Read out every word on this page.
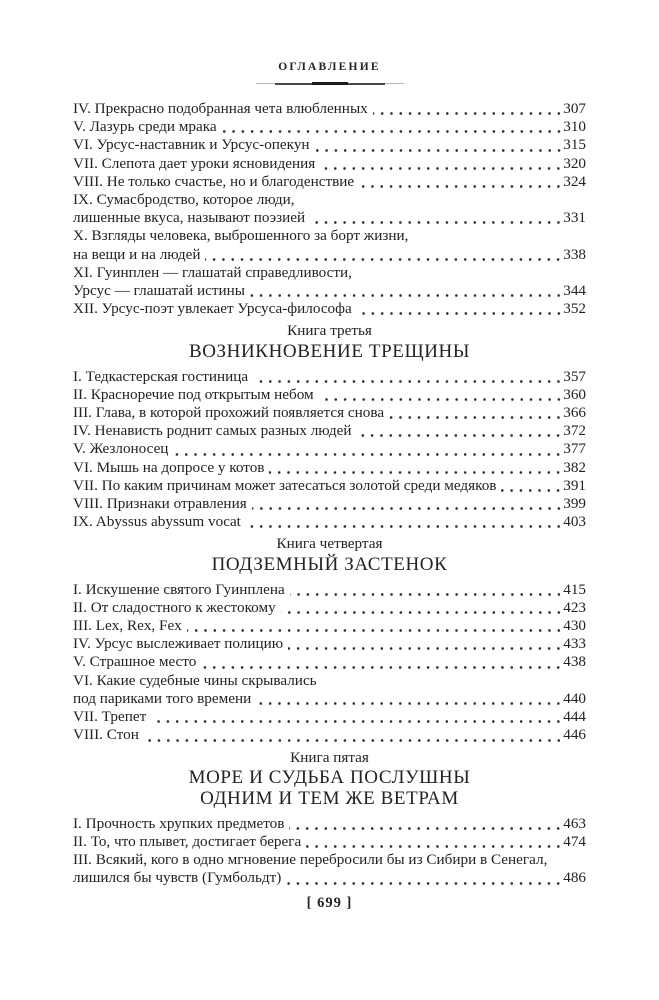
ОГЛАВЛЕНИЕ
IV. Прекрасно подобранная чета влюбленных	307
V. Лазурь среди мрака	310
VI. Урсус-наставник и Урсус-опекун	315
VII. Слепота дает уроки ясновидения	320
VIII. Не только счастье, но и благоденствие	324
IX. Сумасбродство, которое люди,
лишенные вкуса, называют поэзией	331
X. Взгляды человека, выброшенного за борт жизни,
на вещи и на людей	338
XI. Гуинплен — глашатай справедливости,
Урсус — глашатай истины	344
XII. Урсус-поэт увлекает Урсуса-философа	352
Книга третья
ВОЗНИКНОВЕНИЕ ТРЕЩИНЫ
I. Тедкастерская гостиница	357
II. Красноречие под открытым небом	360
III. Глава, в которой прохожий появляется снова	366
IV. Ненависть роднит самых разных людей	372
V. Жезлоносец	377
VI. Мышь на допросе у котов	382
VII. По каким причинам может затесаться золотой среди медяков	391
VIII. Признаки отравления	399
IX. Abyssus abyssum vocat	403
Книга четвертая
ПОДЗЕМНЫЙ ЗАСТЕНОК
I. Искушение святого Гуинплена	415
II. От сладостного к жестокому	423
III. Lex, Rex, Fex	430
IV. Урсус выслеживает полицию	433
V. Страшное место	438
VI. Какие судебные чины скрывались
под париками того времени	440
VII. Трепет	444
VIII. Стон	446
Книга пятая
МОРЕ И СУДЬБА ПОСЛУШНЫ
ОДНИМ И ТЕМ ЖЕ ВЕТРАМ
I. Прочность хрупких предметов	463
II. То, что плывет, достигает берега	474
III. Всякий, кого в одно мгновение перебросили бы из Сибири в Сенегал,
лишился бы чувств (Гумбольдт)	486
[ 699 ]
